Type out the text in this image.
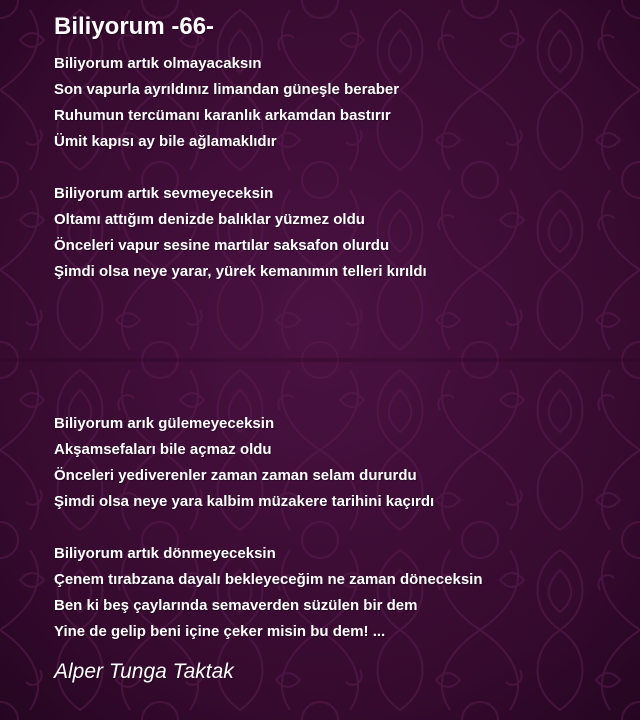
Biliyorum -66-
Biliyorum artık olmayacaksın
Son vapurla ayrıldınız limandan güneşle beraber
Ruhumun tercümanı karanlık arkamdan bastırır
Ümit kapısı ay bile ağlamaklıdır
Biliyorum artık sevmeyeceksin
Oltamı attığım denizde balıklar yüzmez oldu
Önceleri vapur sesine martılar saksafon olurdu
Şimdi olsa neye yarar, yürek kemanımın telleri kırıldı
Biliyorum arık gülemeyeceksin
Akşamsefaları bile açmaz oldu
Önceleri yediverenler zaman zaman selam dururdu
Şimdi olsa neye yara kalbim müzakere tarihini kaçırdı
Biliyorum artık dönmeyeceksin
Çenem tırabzana dayalı bekleyeceğim ne zaman döneceksin
Ben ki beş çaylarında semaverden süzülen bir dem
Yine de gelip beni içine çeker misin bu dem! ...
Alper Tunga Taktak
